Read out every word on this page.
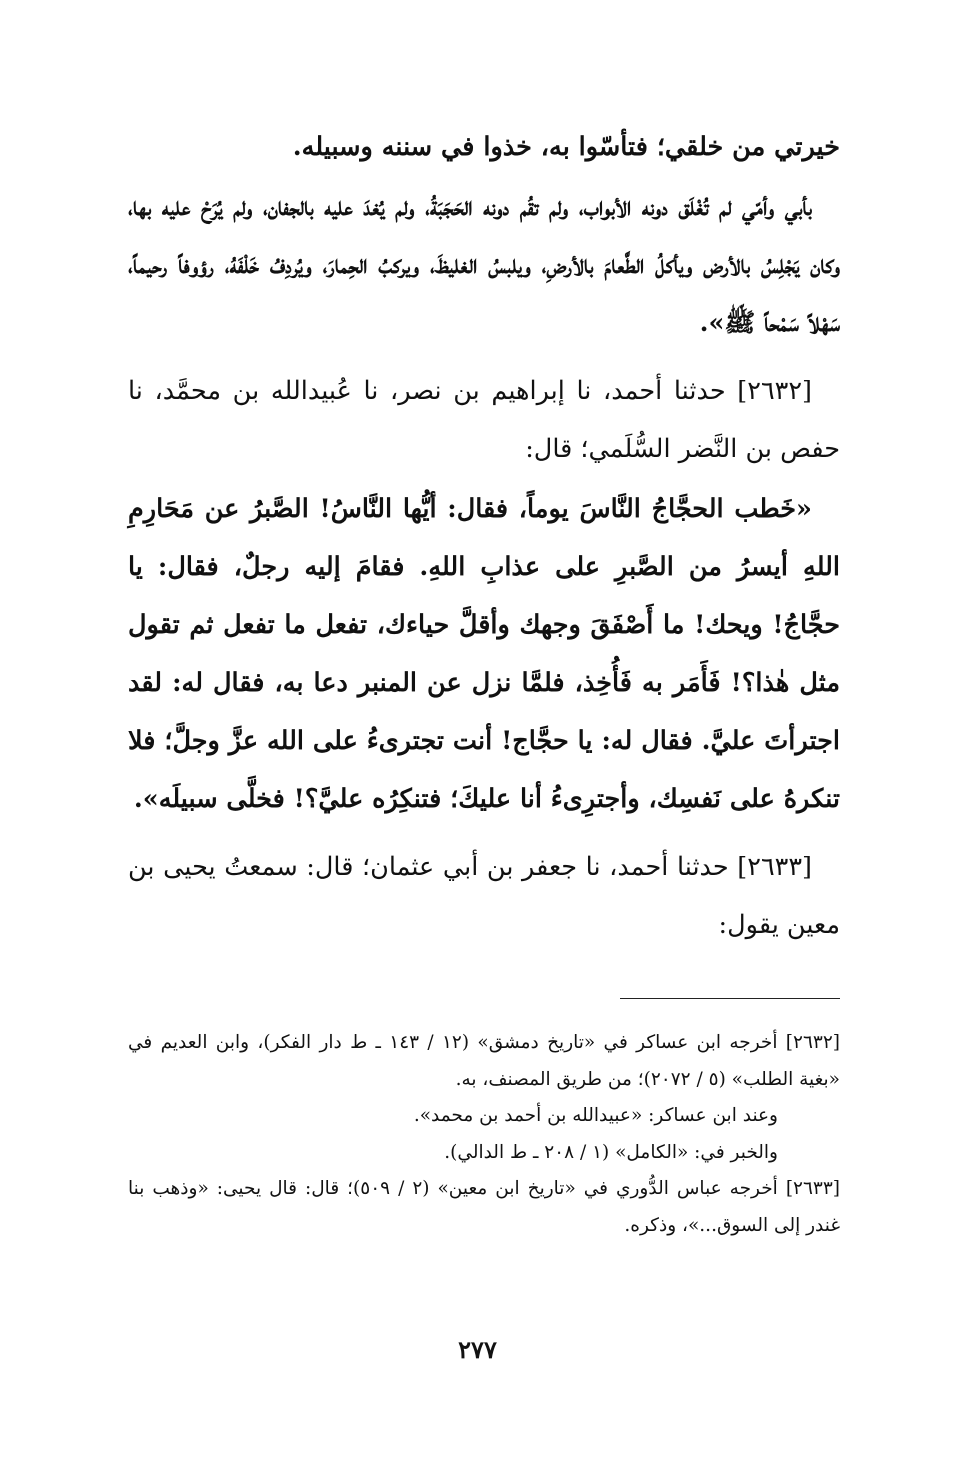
خيرتي من خلقي؛ فتأسّوا به، خذوا في سننه وسبيله.

بأبي وأمّي لم تُغْلَق دونه الأبواب، ولم تقُم دونه الحَجَبَةُ، ولم يُغدَ عليه بالجفان، ولم يُرَحْ عليه بها، وكان يَجْلِسُ بالأرض ويأكلُ الطَّعامَ بالأرضِ، ويلبسُ الغليظَ، ويركبُ الحِمارَ، ويُردِفُ خَلْفَهُ، رؤوفاً رحيماً، سَهْلاً سَمْحاً ﷺ».

[٢٦٣٢] حدثنا أحمد، نا إبراهيم بن نصر، نا عُبيدالله بن محمَّد، نا حفص بن النَّضر السُّلَمي؛ قال:

«خَطب الحجَّاجُ النَّاسَ يوماً، فقال: أيُّها النَّاسُ! الصَّبرُ عن مَحَارِمِ اللهِ أيسرُ من الصَّبرِ على عذابِ اللهِ. فقامَ إليه رجلٌ، فقال: يا حجَّاجُ! ويحك! ما أَصْفَقَ وجهك وأقلَّ حياءك، تفعل ما تفعل ثم تقول مثل هٰذا؟! فَأَمَر به فَأُخِذ، فلمَّا نزل عن المنبر دعا به، فقال له: لقد اجترأتَ عليَّ. فقال له: يا حجَّاج! أنت تجترىءُ على الله عزَّ وجلَّ؛ فلا تنكرهُ على نَفسِك، وأجترِىءُ أنا عليكَ؛ فتنكِرُه عليَّ؟! فخلَّى سبيلَه».

[٢٦٣٣] حدثنا أحمد، نا جعفر بن أبي عثمان؛ قال: سمعتُ يحيى بن معين يقول:

[٢٦٣٢] أخرجه ابن عساكر في «تاريخ دمشق» (١٢ / ١٤٣ ـ ط دار الفكر)، وابن العديم في «بغية الطلب» (٥ / ٢٠٧٢)؛ من طريق المصنف، به.

وعند ابن عساكر: «عبيدالله بن أحمد بن محمد».

والخبر في: «الكامل» (١ / ٢٠٨ ـ ط الدالي).

[٢٦٣٣] أخرجه عباس الدُّوري في «تاريخ ابن معين» (٢ / ٥٠٩)؛ قال: قال يحيى: «وذهب بنا غندر إلى السوق...»، وذكره.

٢٧٧
